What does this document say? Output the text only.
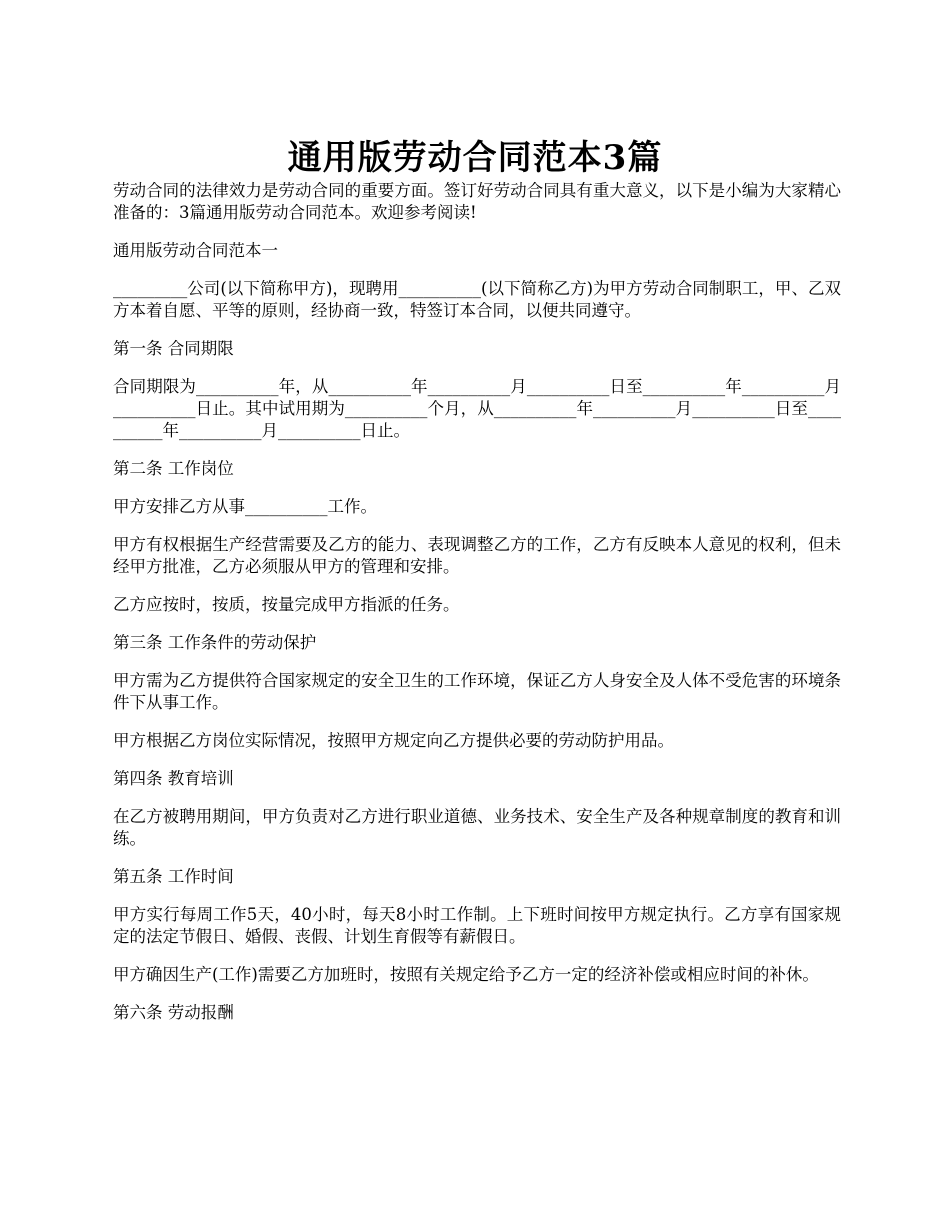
通用版劳动合同范本3篇

劳动合同的法律效力是劳动合同的重要方面。签订好劳动合同具有重大意义，以下是小编为大家精心准备的：3篇通用版劳动合同范本。欢迎参考阅读!

通用版劳动合同范本一

_________公司(以下简称甲方)，现聘用__________(以下简称乙方)为甲方劳动合同制职工，甲、乙双方本着自愿、平等的原则，经协商一致，特签订本合同，以便共同遵守。

第一条 合同期限

合同期限为__________年，从__________年__________月__________日至__________年__________月__________日止。其中试用期为__________个月，从__________年__________月__________日至__________年__________月__________日止。

第二条 工作岗位

甲方安排乙方从事__________工作。

甲方有权根据生产经营需要及乙方的能力、表现调整乙方的工作，乙方有反映本人意见的权利，但未经甲方批准，乙方必须服从甲方的管理和安排。

乙方应按时，按质，按量完成甲方指派的任务。

第三条 工作条件的劳动保护

甲方需为乙方提供符合国家规定的安全卫生的工作环境，保证乙方人身安全及人体不受危害的环境条件下从事工作。

甲方根据乙方岗位实际情况，按照甲方规定向乙方提供必要的劳动防护用品。

第四条 教育培训

在乙方被聘用期间，甲方负责对乙方进行职业道德、业务技术、安全生产及各种规章制度的教育和训练。

第五条 工作时间

甲方实行每周工作5天，40小时，每天8小时工作制。上下班时间按甲方规定执行。乙方享有国家规定的法定节假日、婚假、丧假、计划生育假等有薪假日。

甲方确因生产(工作)需要乙方加班时，按照有关规定给予乙方一定的经济补偿或相应时间的补休。

第六条 劳动报酬
